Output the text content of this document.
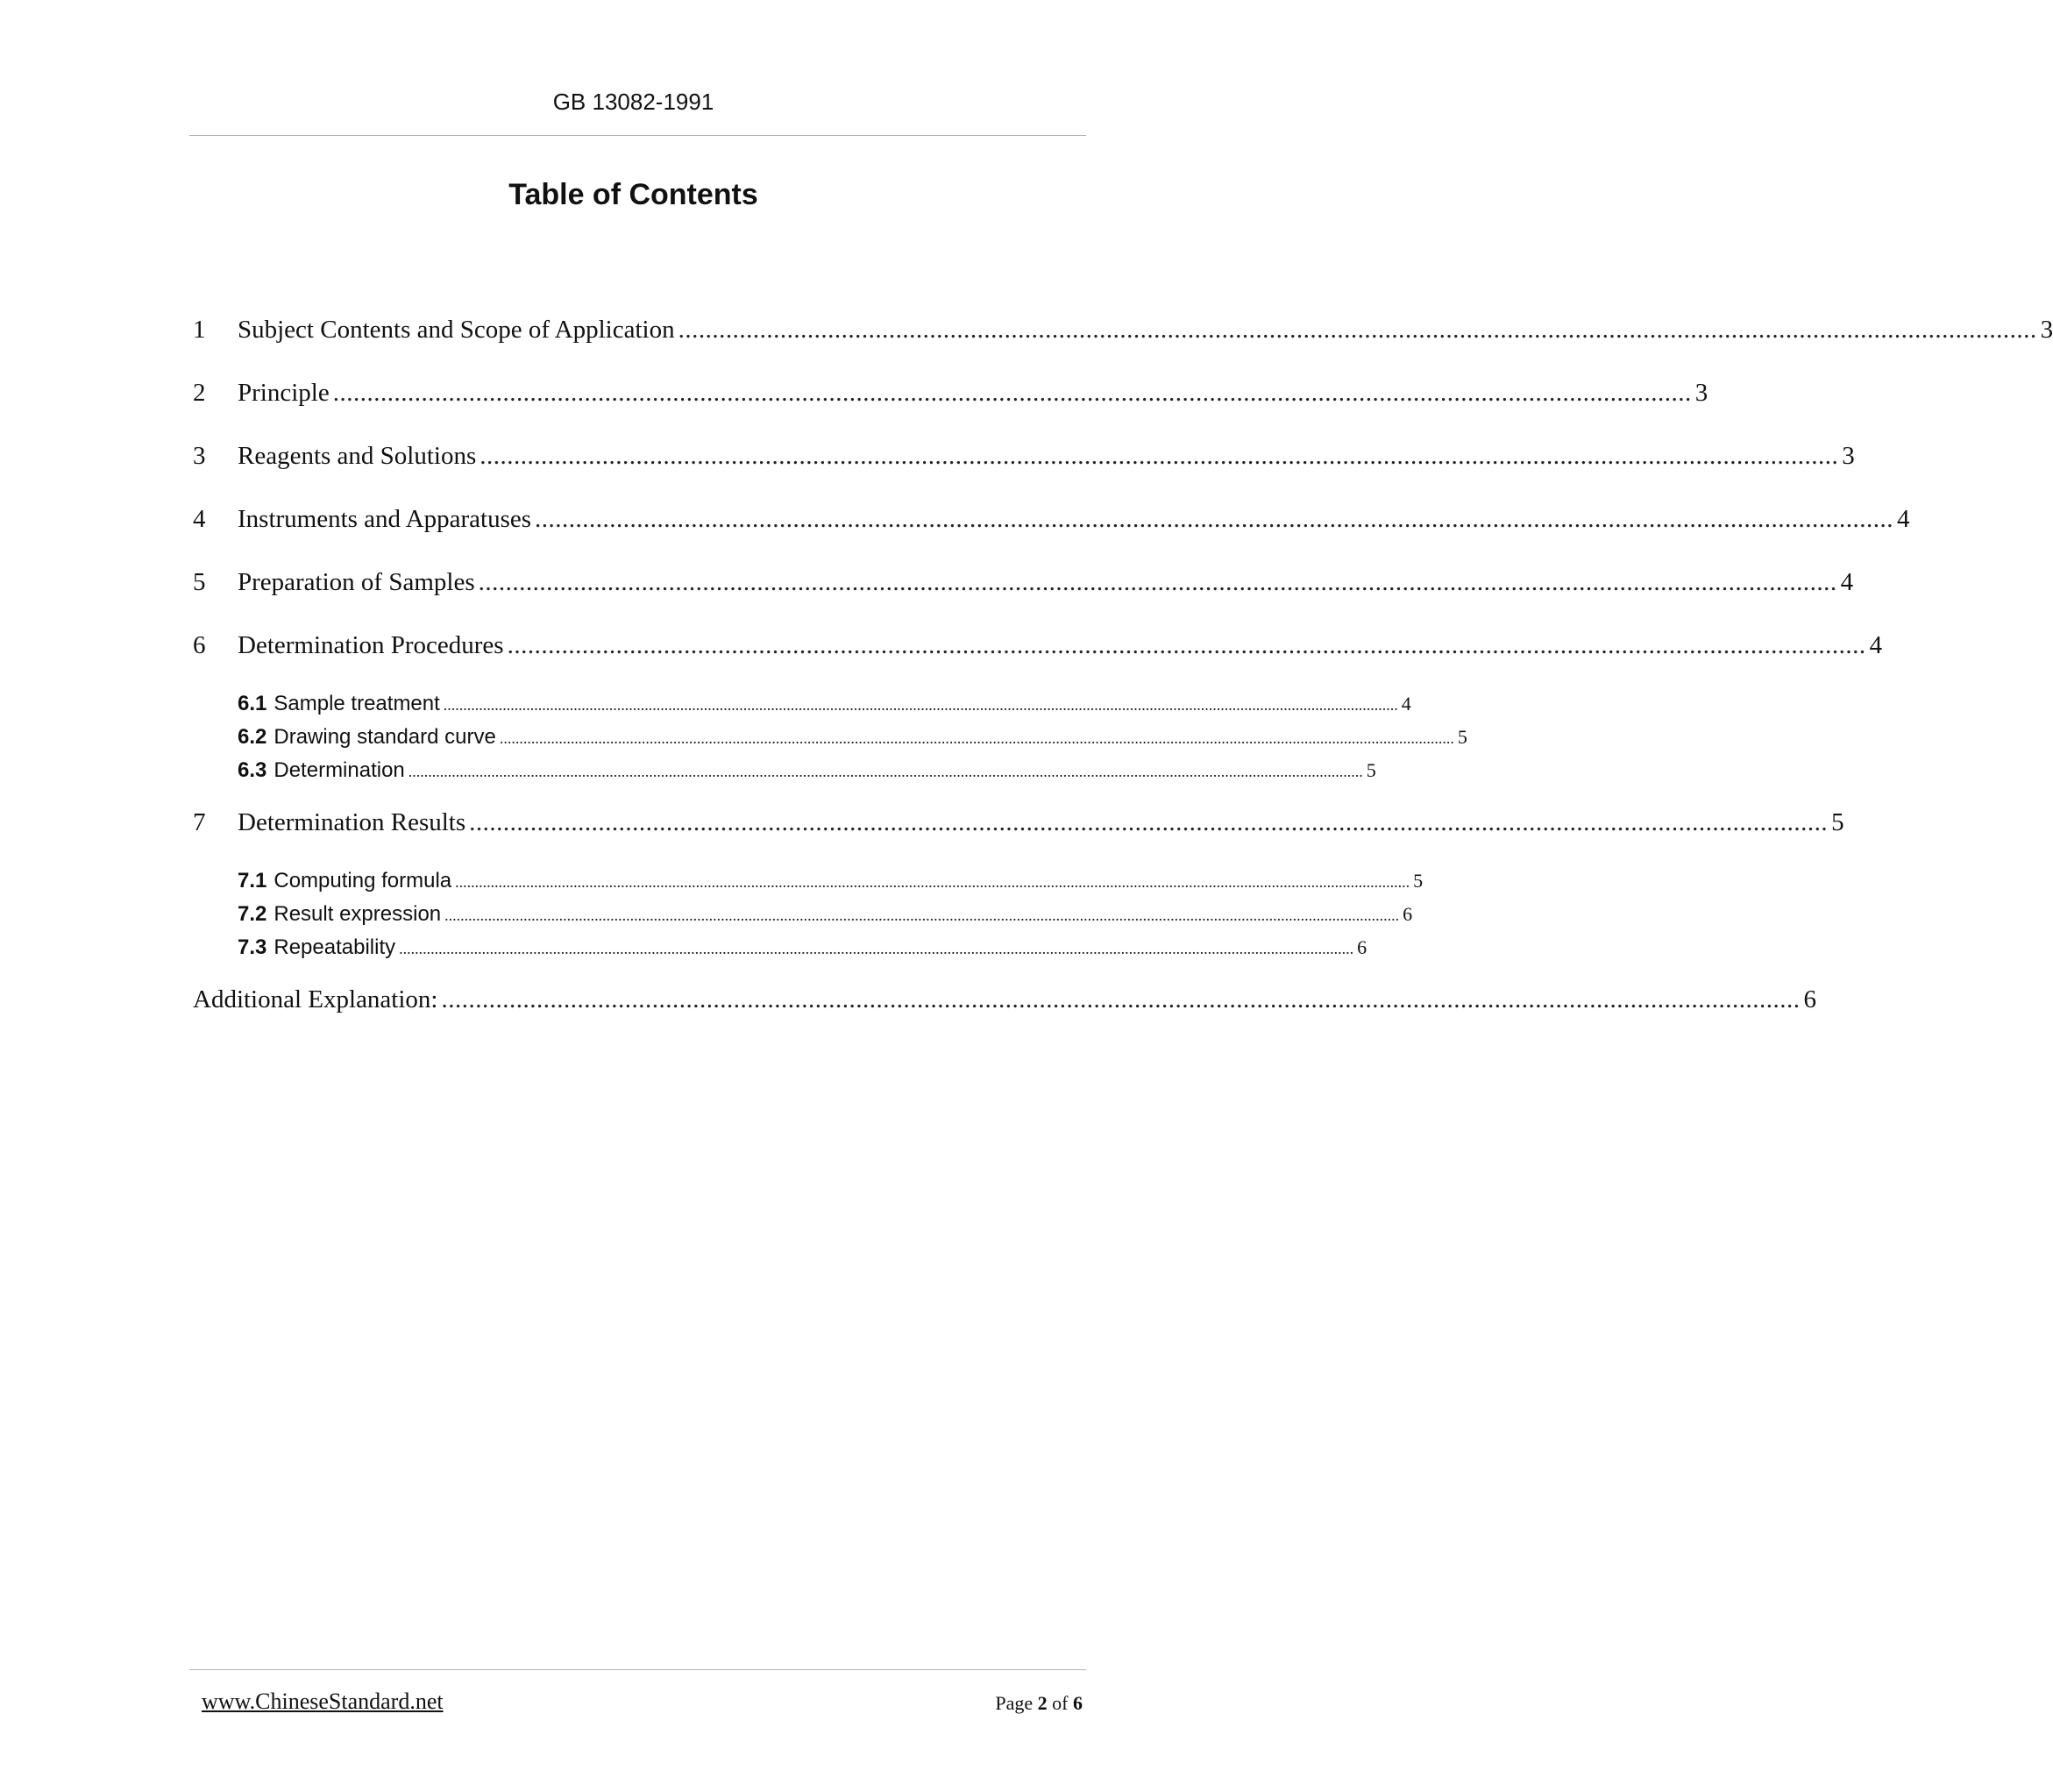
GB 13082-1991
Table of Contents
1	Subject Contents and Scope of Application ........................................................................................................................................................................................................ 3
2	Principle ........................................................................................................................................................................................................ 3
3	Reagents and Solutions ........................................................................................................................................................................................................ 3
4	Instruments and Apparatuses ........................................................................................................................................................................................................ 4
5	Preparation of Samples ........................................................................................................................................................................................................ 4
6	Determination Procedures ........................................................................................................................................................................................................ 4
6.1 Sample treatment .................................................................................................................................................................................................................................................. 4
6.2 Drawing standard curve .................................................................................................................................................................................................................................................. 5
6.3 Determination .................................................................................................................................................................................................................................................. 5
7	Determination Results ........................................................................................................................................................................................................ 5
7.1 Computing formula .................................................................................................................................................................................................................................................. 5
7.2 Result expression .................................................................................................................................................................................................................................................. 6
7.3 Repeatability .................................................................................................................................................................................................................................................. 6
Additional Explanation: ........................................................................................................................................................................................................ 6
www.ChineseStandard.net	Page 2 of 6
